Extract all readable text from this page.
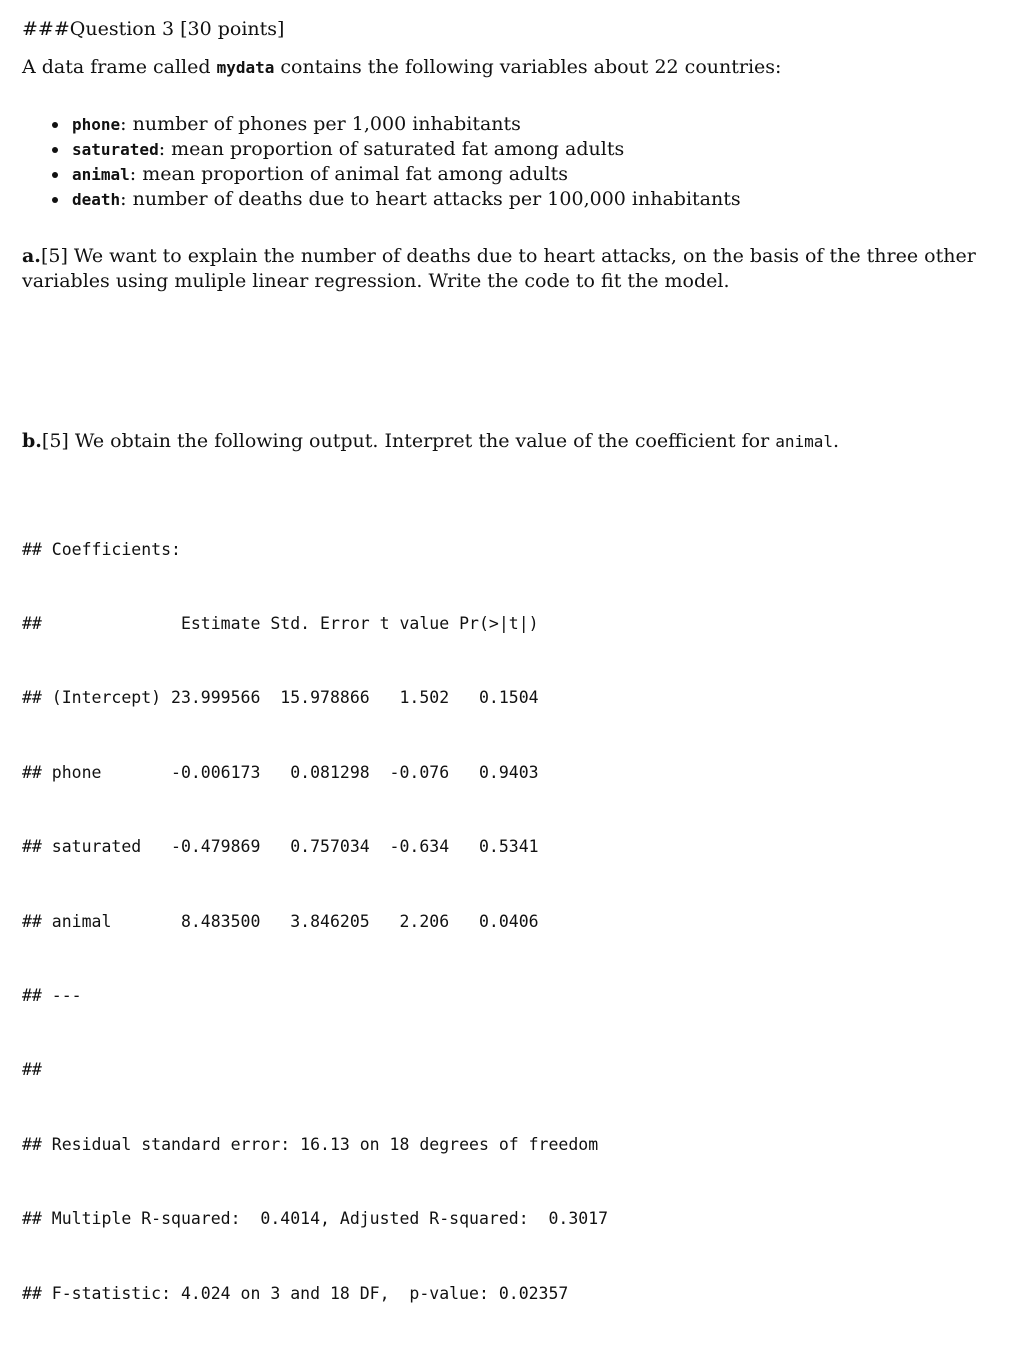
###Question 3 [30 points]
A data frame called mydata contains the following variables about 22 countries:
phone: number of phones per 1,000 inhabitants
saturated: mean proportion of saturated fat among adults
animal: mean proportion of animal fat among adults
death: number of deaths due to heart attacks per 100,000 inhabitants
a.[5] We want to explain the number of deaths due to heart attacks, on the basis of the three other variables using muliple linear regression. Write the code to fit the model.
b.[5] We obtain the following output. Interpret the value of the coefficient for animal.

## Coefficients:

##              Estimate Std. Error t value Pr(>|t|)

## (Intercept) 23.999566  15.978866   1.502   0.1504

## phone       -0.006173   0.081298  -0.076   0.9403

## saturated   -0.479869   0.757034  -0.634   0.5341

## animal       8.483500   3.846205   2.206   0.0406

## ---

##

## Residual standard error: 16.13 on 18 degrees of freedom

## Multiple R-squared:  0.4014, Adjusted R-squared:  0.3017

## F-statistic: 4.024 on 3 and 18 DF,  p-value: 0.02357
